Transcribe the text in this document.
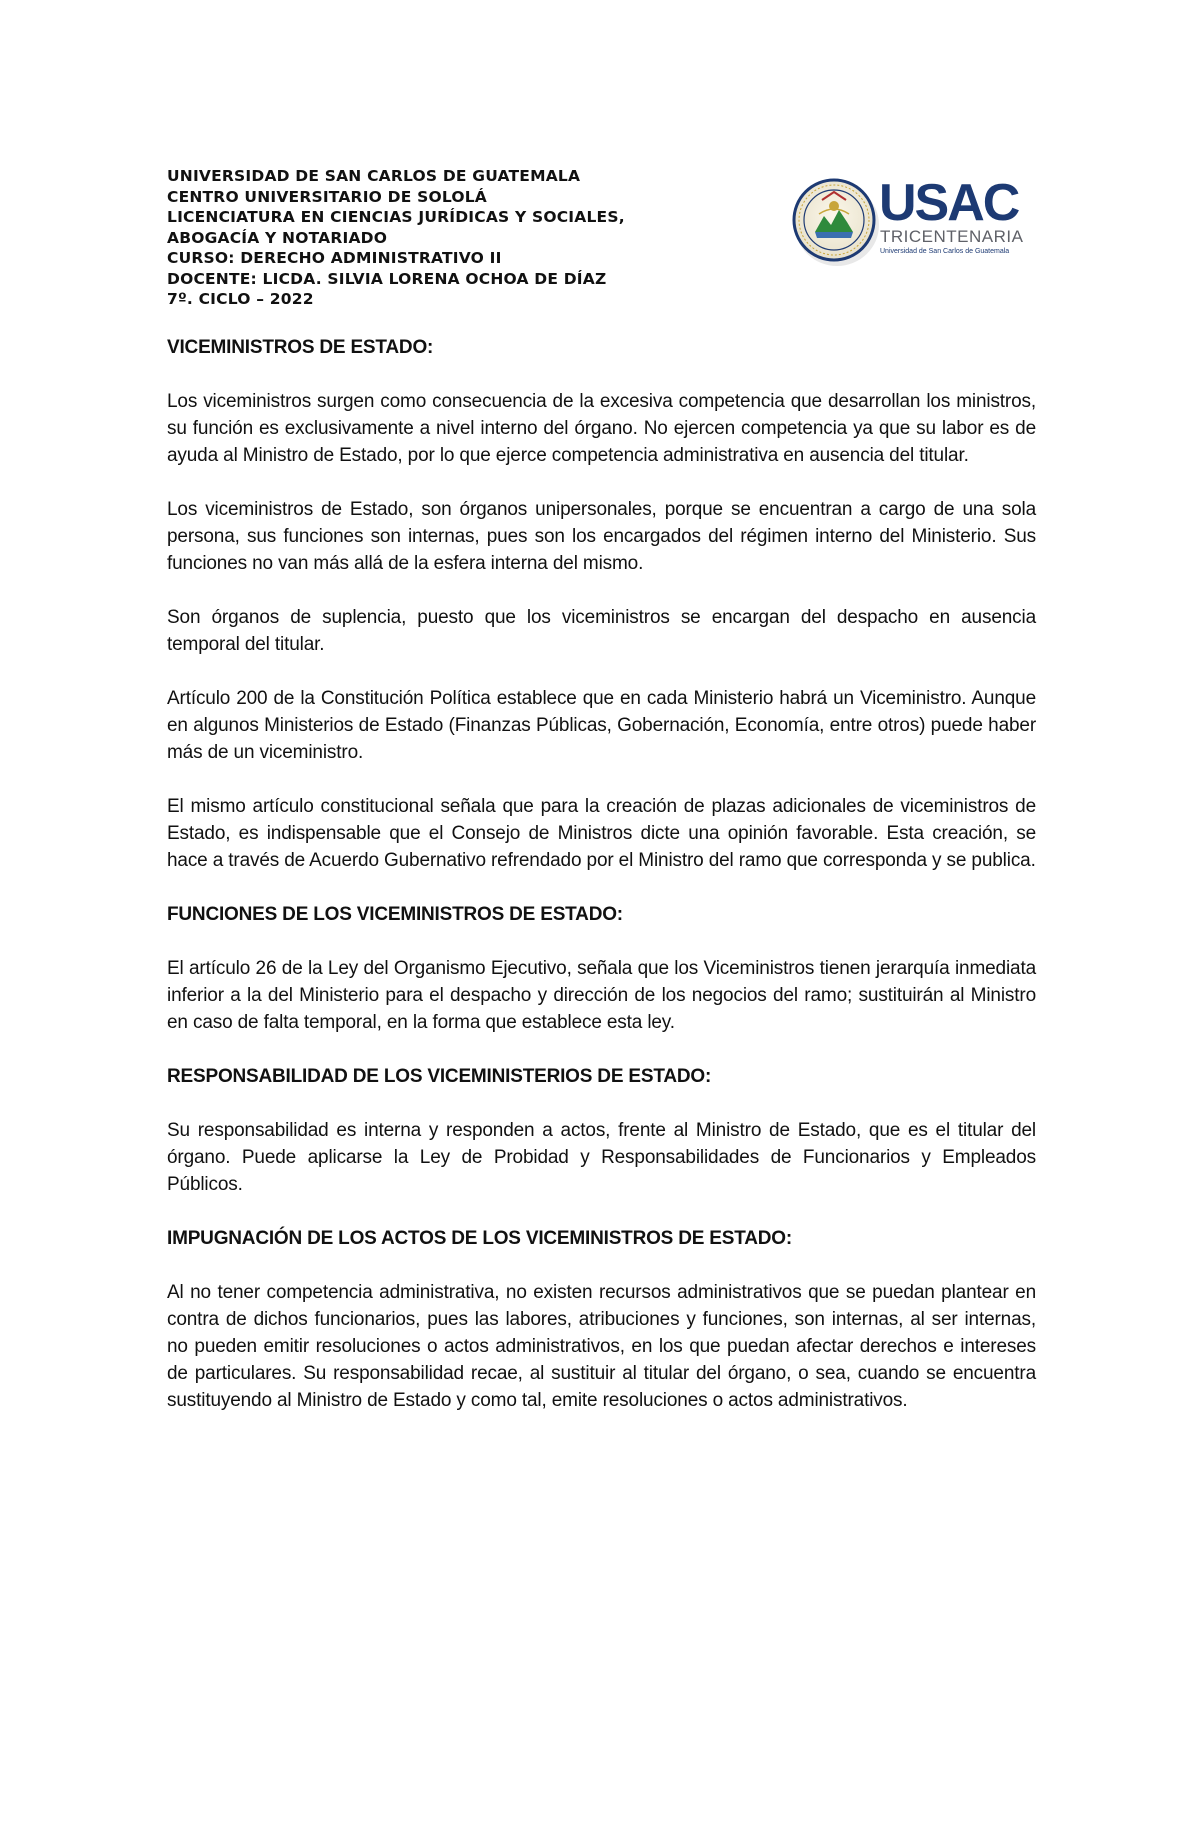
UNIVERSIDAD DE SAN CARLOS DE GUATEMALA
CENTRO UNIVERSITARIO DE SOLOLÁ
LICENCIATURA EN CIENCIAS JURÍDICAS Y SOCIALES,
ABOGACÍA Y NOTARIADO
CURSO: DERECHO ADMINISTRATIVO II
DOCENTE: LICDA. SILVIA LORENA OCHOA DE DÍAZ
7º. CICLO – 2022
USAC
TRICENTENARIA
Universidad de San Carlos de Guatemala
VICEMINISTROS DE ESTADO:

Los viceministros surgen como consecuencia de la excesiva competencia que desarrollan los ministros, su función es exclusivamente a nivel interno del órgano. No ejercen competencia ya que su labor es de ayuda al Ministro de Estado, por lo que ejerce competencia administrativa en ausencia del titular.

Los viceministros de Estado, son órganos unipersonales, porque se encuentran a cargo de una sola persona, sus funciones son internas, pues son los encargados del régimen interno del Ministerio. Sus funciones no van más allá de la esfera interna del mismo.

Son órganos de suplencia, puesto que los viceministros se encargan del despacho en ausencia temporal del titular.

Artículo 200 de la Constitución Política establece que en cada Ministerio habrá un Viceministro. Aunque en algunos Ministerios de Estado (Finanzas Públicas, Gobernación, Economía, entre otros) puede haber más de un viceministro.

El mismo artículo constitucional señala que para la creación de plazas adicionales de viceministros de Estado, es indispensable que el Consejo de Ministros dicte una opinión favorable. Esta creación, se hace a través de Acuerdo Gubernativo refrendado por el Ministro del ramo que corresponda y se publica.

FUNCIONES DE LOS VICEMINISTROS DE ESTADO:

El artículo 26 de la Ley del Organismo Ejecutivo, señala que los Viceministros tienen jerarquía inmediata inferior a la del Ministerio para el despacho y dirección de los negocios del ramo; sustituirán al Ministro en caso de falta temporal, en la forma que establece esta ley.

RESPONSABILIDAD DE LOS VICEMINISTERIOS DE ESTADO:

Su responsabilidad es interna y responden a actos, frente al Ministro de Estado, que es el titular del órgano. Puede aplicarse la Ley de Probidad y Responsabilidades de Funcionarios y Empleados Públicos.

IMPUGNACIÓN DE LOS ACTOS DE LOS VICEMINISTROS DE ESTADO:

Al no tener competencia administrativa, no existen recursos administrativos que se puedan plantear en contra de dichos funcionarios, pues las labores, atribuciones y funciones, son internas, al ser internas, no pueden emitir resoluciones o actos administrativos, en los que puedan afectar derechos e intereses de particulares. Su responsabilidad recae, al sustituir al titular del órgano, o sea, cuando se encuentra sustituyendo al Ministro de Estado y como tal, emite resoluciones o actos administrativos.
